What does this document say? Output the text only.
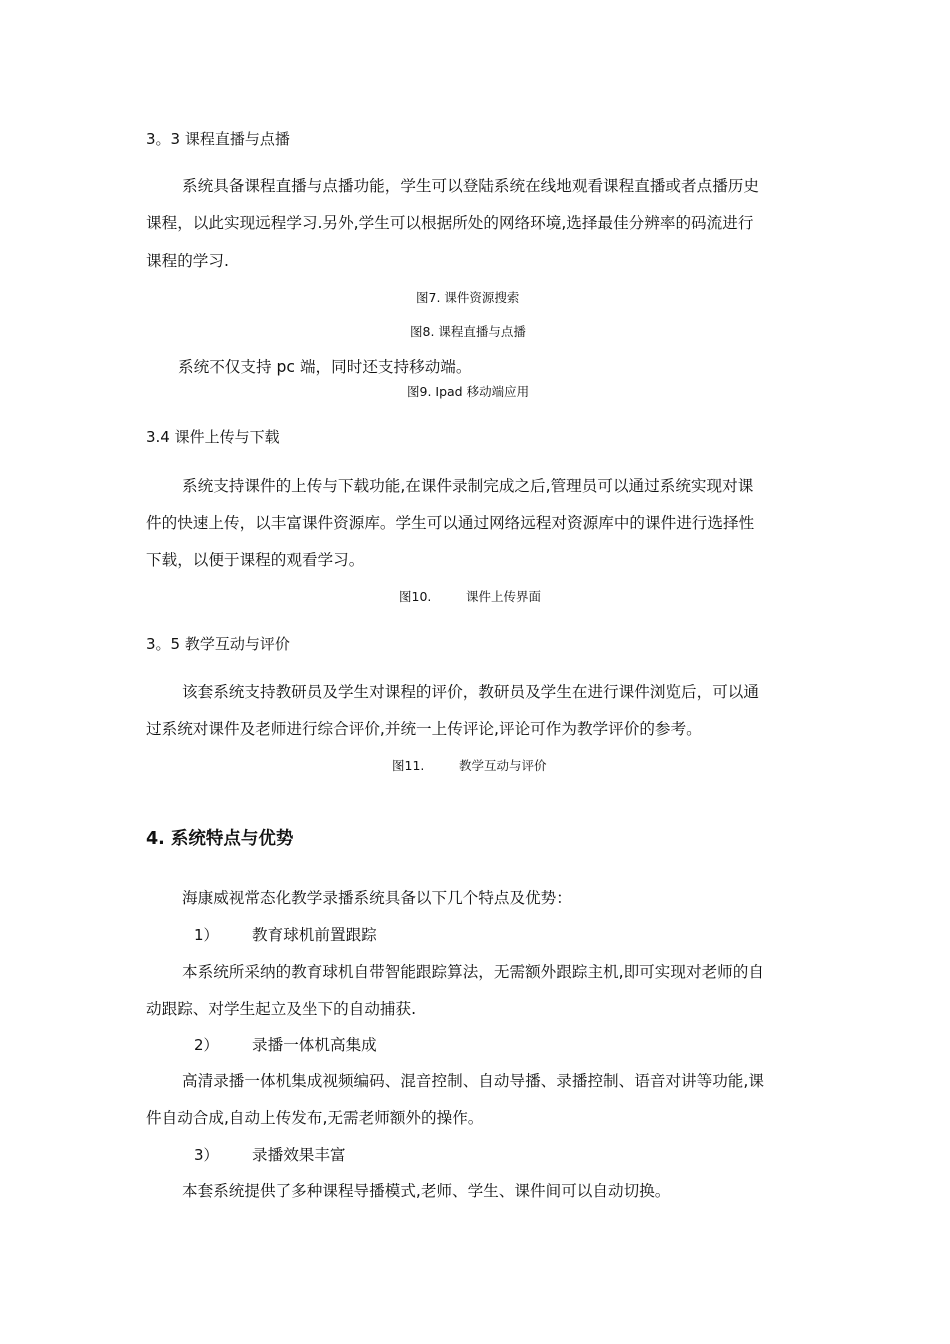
3。3 课程直播与点播

系统具备课程直播与点播功能，学生可以登陆系统在线地观看课程直播或者点播历史

课程，以此实现远程学习.另外,学生可以根据所处的网络环境,选择最佳分辨率的码流进行

课程的学习.

图7. 课件资源搜索

图8. 课程直播与点播

系统不仅支持 pc 端，同时还支持移动端。

图9. Ipad 移动端应用

3.4 课件上传与下载

系统支持课件的上传与下载功能,在课件录制完成之后,管理员可以通过系统实现对课

件的快速上传，以丰富课件资源库。学生可以通过网络远程对资源库中的课件进行选择性

下载，以便于课程的观看学习。

图10.	课件上传界面

3。5 教学互动与评价

该套系统支持教研员及学生对课程的评价，教研员及学生在进行课件浏览后，可以通

过系统对课件及老师进行综合评价,并统一上传评论,评论可作为教学评价的参考。

图11.	教学互动与评价

4. 系统特点与优势

海康威视常态化教学录播系统具备以下几个特点及优势：

1） 教育球机前置跟踪

本系统所采纳的教育球机自带智能跟踪算法，无需额外跟踪主机,即可实现对老师的自

动跟踪、对学生起立及坐下的自动捕获.

2） 录播一体机高集成

高清录播一体机集成视频编码、混音控制、自动导播、录播控制、语音对讲等功能,课

件自动合成,自动上传发布,无需老师额外的操作。

3） 录播效果丰富

本套系统提供了多种课程导播模式,老师、学生、课件间可以自动切换。
